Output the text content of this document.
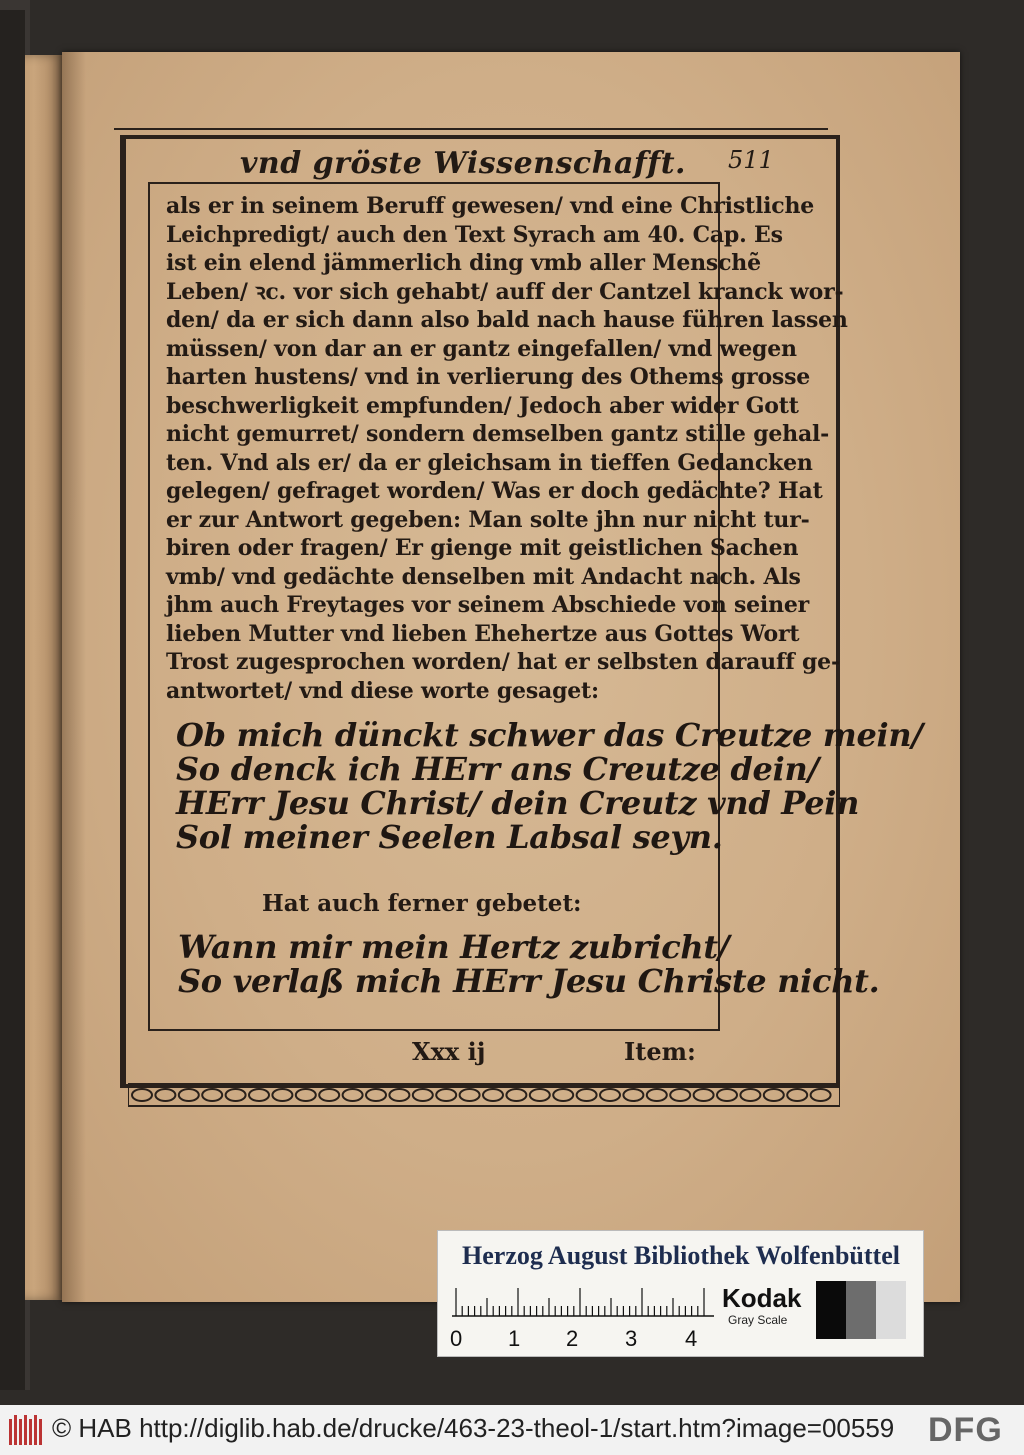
vnd gröste Wissenschafft. 511
als er in seinem Beruff gewesen/ vnd eine Christliche
Leichpredigt/ auch den Text Syrach am 40. Cap. Es
ist ein elend jämmerlich ding vmb aller Menschẽ
Leben/ ꝛc. vor sich gehabt/ auff der Cantzel kranck wor-
den/ da er sich dann also bald nach hause führen lassen
müssen/ von dar an er gantz eingefallen/ vnd wegen
harten hustens/ vnd in verlierung des Othems grosse
beschwerligkeit empfunden/ Jedoch aber wider Gott
nicht gemurret/ sondern demselben gantz stille gehal-
ten. Vnd als er/ da er gleichsam in tieffen Gedancken
gelegen/ gefraget worden/ Was er doch gedächte? Hat
er zur Antwort gegeben: Man solte jhn nur nicht tur-
biren oder fragen/ Er gienge mit geistlichen Sachen
vmb/ vnd gedächte denselben mit Andacht nach. Als
jhm auch Freytages vor seinem Abschiede von seiner
lieben Mutter vnd lieben Ehehertze aus Gottes Wort
Trost zugesprochen worden/ hat er selbsten darauff ge-
antwortet/ vnd diese worte gesaget:
Ob mich dünckt schwer das Creutze mein/
So denck ich HErr ans Creutze dein/
HErr Jesu Christ/ dein Creutz vnd Pein
Sol meiner Seelen Labsal seyn.
Hat auch ferner gebetet:
Wann mir mein Hertz zubricht/
So verlaß mich HErr Jesu Christe nicht.
Xxx ij	Item:
Herzog August Bibliothek Wolfenbüttel
0 1 2 3 4
Kodak
Gray Scale
© HAB http://diglib.hab.de/drucke/463-23-theol-1/start.htm?image=00559 DFG
